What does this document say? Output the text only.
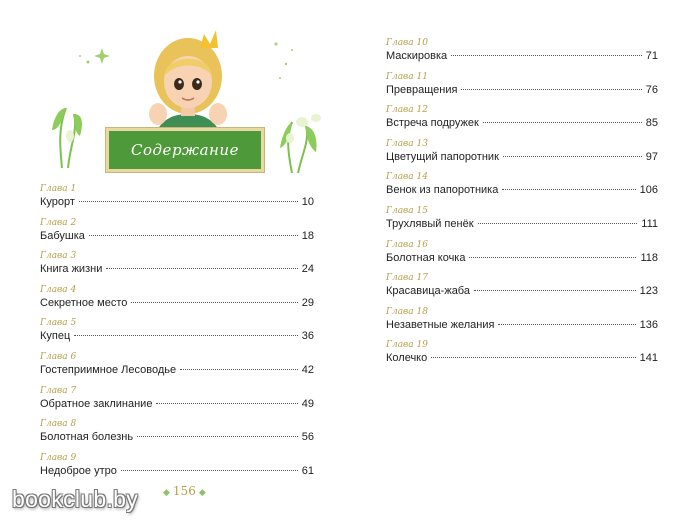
Содержание
Глава 1
Курорт	10
Глава 2
Бабушка	18
Глава 3
Книга жизни	24
Глава 4
Секретное место	29
Глава 5
Купец	36
Глава 6
Гостеприимное Лесоводье	42
Глава 7
Обратное заклинание	49
Глава 8
Болотная болезнь	56
Глава 9
Недоброе утро	61
Глава 10
Маскировка	71
Глава 11
Превращения	76
Глава 12
Встреча подружек	85
Глава 13
Цветущий папоротник	97
Глава 14
Венок из папоротника	106
Глава 15
Трухлявый пенёк	111
Глава 16
Болотная кочка	118
Глава 17
Красавица-жаба	123
Глава 18
Незаветные желания	136
Глава 19
Колечко	141
bookclub.by	◆ 156 ◆
